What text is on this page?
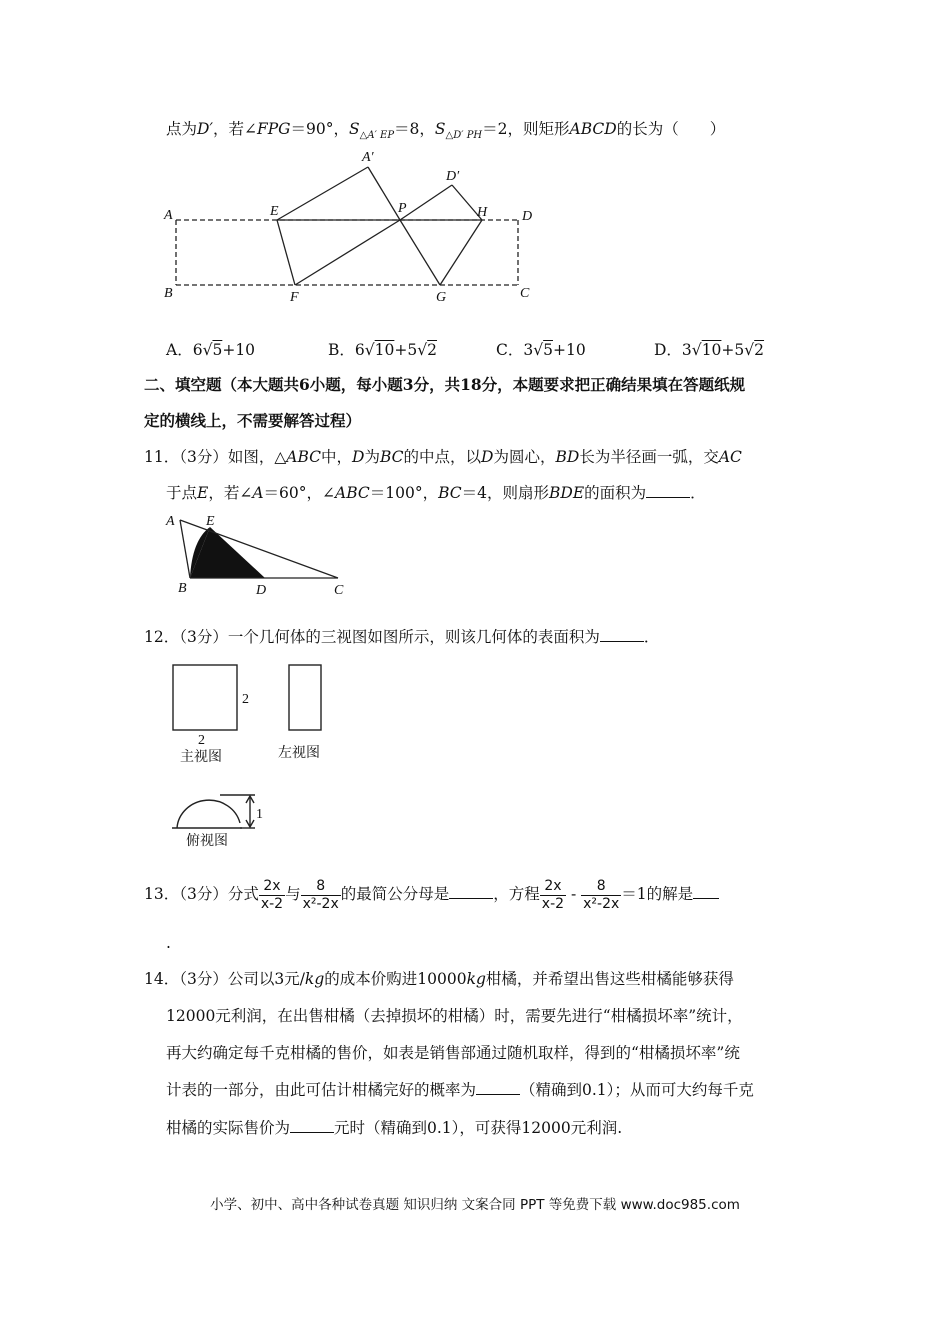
点为D′，若∠FPG＝90°，$S_{\triangle A' EP}=8$，$S_{\triangle D' PH}=2$，则矩形ABCD的长为（　　）
A′
D′
A	E	P	H D
B	F	G	C
A．6√5+10	B．6√10+5√2	C．3√5+10	D．3√10+5√2
二、填空题（本大题共6小题，每小题3分，共18分，本题要求把正确结果填在答题纸规
定的横线上，不需要解答过程）
11．（3分）如图，△ABC中，D为BC的中点，以D为圆心，BD长为半径画一弧，交AC
于点E，若∠A＝60°，∠ABC＝100°，BC＝4，则扇形BDE的面积为	．
A E
B	D	C
12．（3分）一个几何体的三视图如图所示，则该几何体的表面积为	．
2
2
主视图	左视图
1
俯视图
13．（3分）分式 $\frac{2x}{x-2}$ 与 $\frac{8}{\text{x²-2x}}$ 的最简公分母是	，方程 $\frac{2x}{x-2} - \frac{8}{\text{x²-2x}} =1$的解是
.
14．（3分）公司以3元/kg的成本价购进10000kg柑橘，并希望出售这些柑橘能够获得
12000元利润，在出售柑橘（去掉损坏的柑橘）时，需要先进行“柑橘损坏率”统计，
再大约确定每千克柑橘的售价，如表是销售部通过随机取样，得到的“柑橘损坏率”统
计表的一部分，由此可估计柑橘完好的概率为	（精确到0.1）；从而可大约每千克
柑橘的实际售价为	元时（精确到0.1），可获得12000元利润.
小学、初中、高中各种试卷真题 知识归纳 文案合同 PPT 等免费下载 www.doc985.com
